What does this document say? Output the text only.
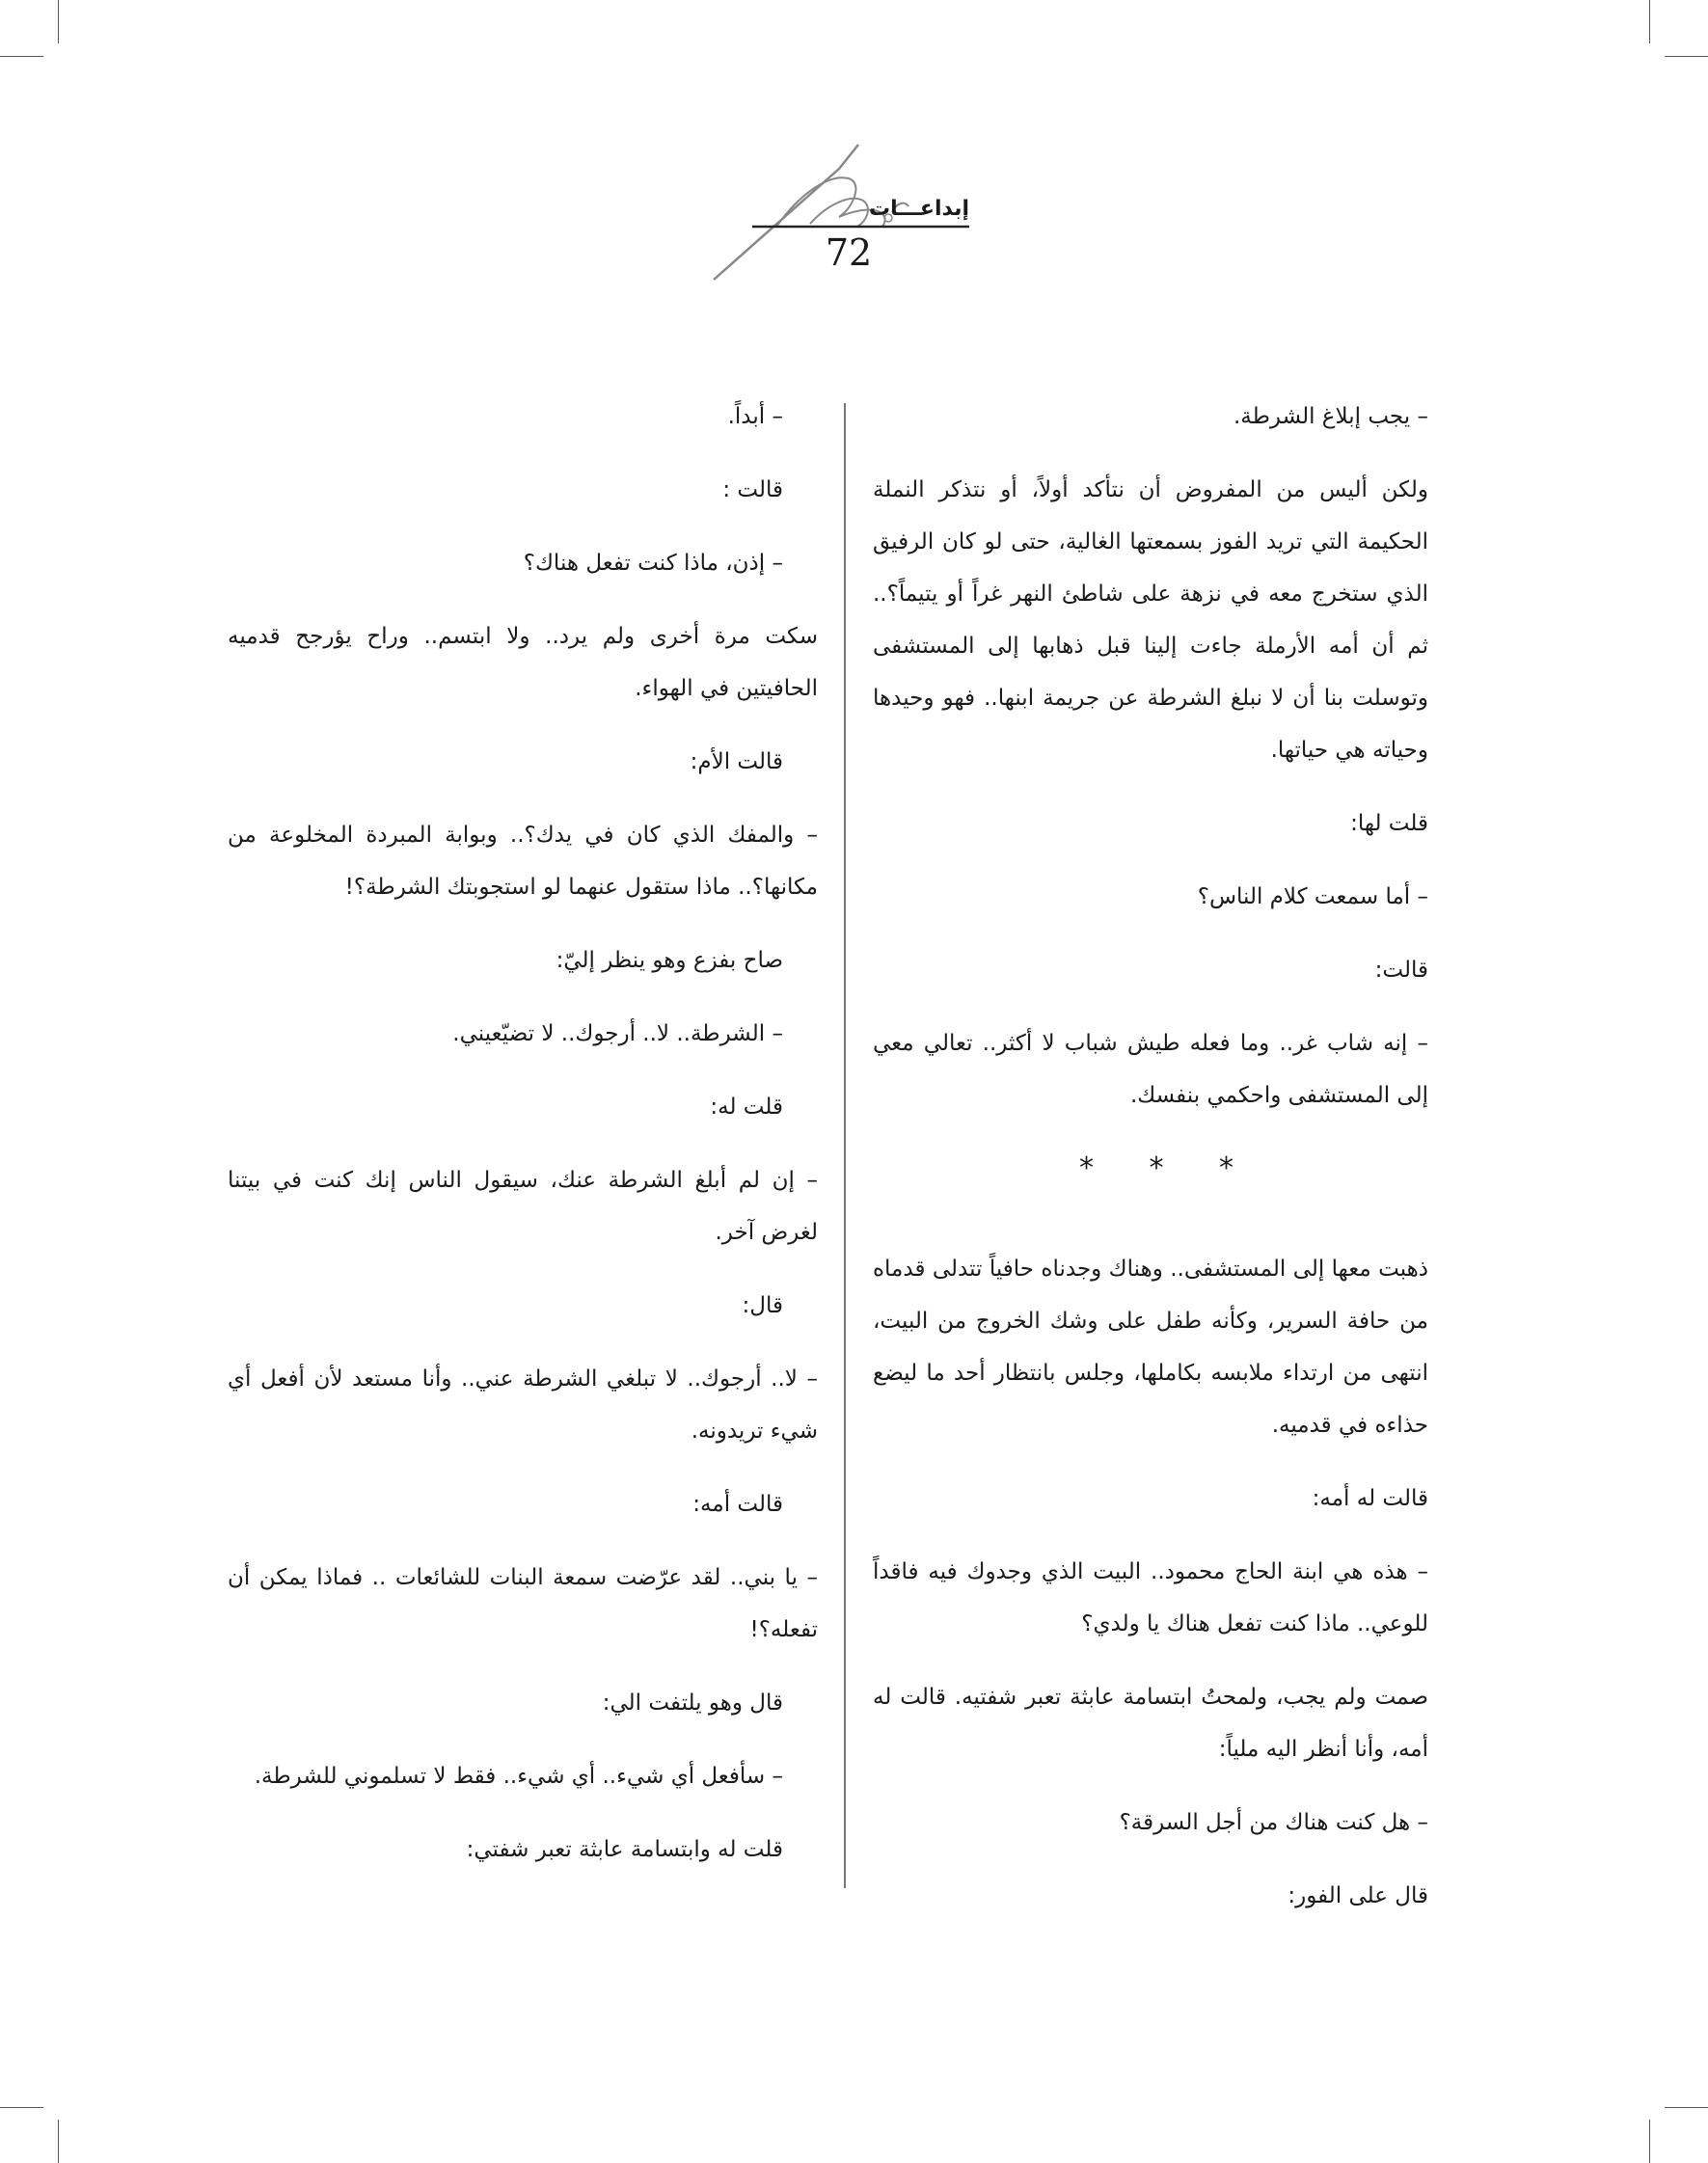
إبداعـــات
72

– يجب إبلاغ الشرطة.

ولكن أليس من المفروض أن نتأكد أولاً، أو نتذكر النملة الحكيمة التي تريد الفوز بسمعتها الغالية، حتى لو كان الرفيق الذي ستخرج معه في نزهة على شاطئ النهر غراً أو يتيماً؟.. ثم أن أمه الأرملة جاءت إلينا قبل ذهابها إلى المستشفى وتوسلت بنا أن لا نبلغ الشرطة عن جريمة ابنها.. فهو وحيدها وحياته هي حياتها.

قلت لها:

– أما سمعت كلام الناس؟

قالت:

– إنه شاب غر.. وما فعله طيش شباب لا أكثر.. تعالي معي إلى المستشفى واحكمي بنفسك.

* * *

ذهبت معها إلى المستشفى.. وهناك وجدناه حافياً تتدلى قدماه من حافة السرير، وكأنه طفل على وشك الخروج من البيت، انتهى من ارتداء ملابسه بكاملها، وجلس بانتظار أحد ما ليضع حذاءه في قدميه.

قالت له أمه:

– هذه هي ابنة الحاج محمود.. البيت الذي وجدوك فيه فاقداً للوعي.. ماذا كنت تفعل هناك يا ولدي؟

صمت ولم يجب، ولمحتُ ابتسامة عابثة تعبر شفتيه. قالت له أمه، وأنا أنظر اليه ملياً:

– هل كنت هناك من أجل السرقة؟

قال على الفور:

– أبداً.

قالت :

– إذن، ماذا كنت تفعل هناك؟

سكت مرة أخرى ولم يرد.. ولا ابتسم.. وراح يؤرجح قدميه الحافيتين في الهواء.

قالت الأم:

– والمفك الذي كان في يدك؟.. وبوابة المبردة المخلوعة من مكانها؟.. ماذا ستقول عنهما لو استجوبتك الشرطة؟!

صاح بفزع وهو ينظر إليّ:

– الشرطة.. لا.. أرجوك.. لا تضيّعيني.

قلت له:

– إن لم أبلغ الشرطة عنك، سيقول الناس إنك كنت في بيتنا لغرض آخر.

قال:

– لا.. أرجوك.. لا تبلغي الشرطة عني.. وأنا مستعد لأن أفعل أي شيء تريدونه.

قالت أمه:

– يا بني.. لقد عرّضت سمعة البنات للشائعات .. فماذا يمكن أن تفعله؟!

قال وهو يلتفت الي:

– سأفعل أي شيء.. أي شيء.. فقط لا تسلموني للشرطة.

قلت له وابتسامة عابثة تعبر شفتي:
